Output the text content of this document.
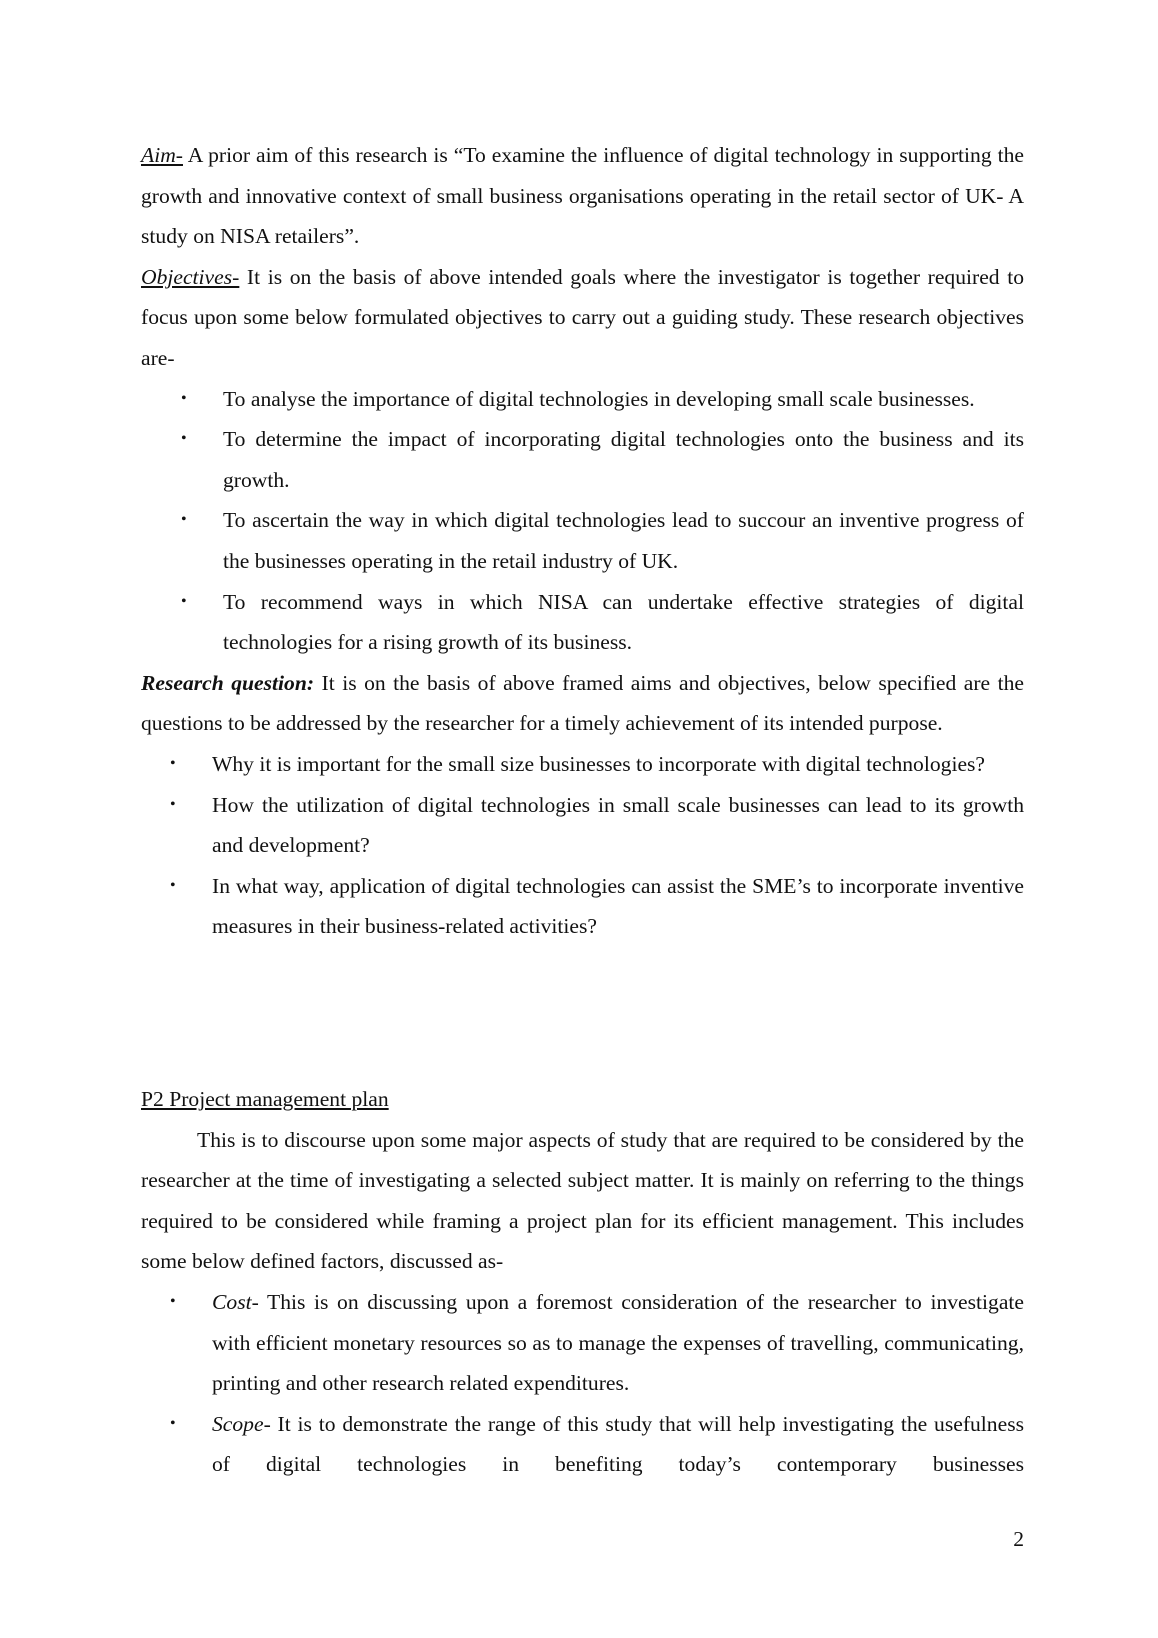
Aim- A prior aim of this research is “To examine the influence of digital technology in supporting the growth and innovative context of small business organisations operating in the retail sector of UK- A study on NISA retailers”.

Objectives- It is on the basis of above intended goals where the investigator is together required to focus upon some below formulated objectives to carry out a guiding study. These research objectives are-

• To analyse the importance of digital technologies in developing small scale businesses.
• To determine the impact of incorporating digital technologies onto the business and its growth.
• To ascertain the way in which digital technologies lead to succour an inventive progress of the businesses operating in the retail industry of UK.
• To recommend ways in which NISA can undertake effective strategies of digital technologies for a rising growth of its business.

Research question: It is on the basis of above framed aims and objectives, below specified are the questions to be addressed by the researcher for a timely achievement of its intended purpose.

• Why it is important for the small size businesses to incorporate with digital technologies?
• How the utilization of digital technologies in small scale businesses can lead to its growth and development?
• In what way, application of digital technologies can assist the SME’s to incorporate inventive measures in their business-related activities?

P2 Project management plan

This is to discourse upon some major aspects of study that are required to be considered by the researcher at the time of investigating a selected subject matter. It is mainly on referring to the things required to be considered while framing a project plan for its efficient management. This includes some below defined factors, discussed as-

• Cost- This is on discussing upon a foremost consideration of the researcher to investigate with efficient monetary resources so as to manage the expenses of travelling, communicating, printing and other research related expenditures.
• Scope- It is to demonstrate the range of this study that will help investigating the usefulness of digital technologies in benefiting today’s contemporary businesses
2
